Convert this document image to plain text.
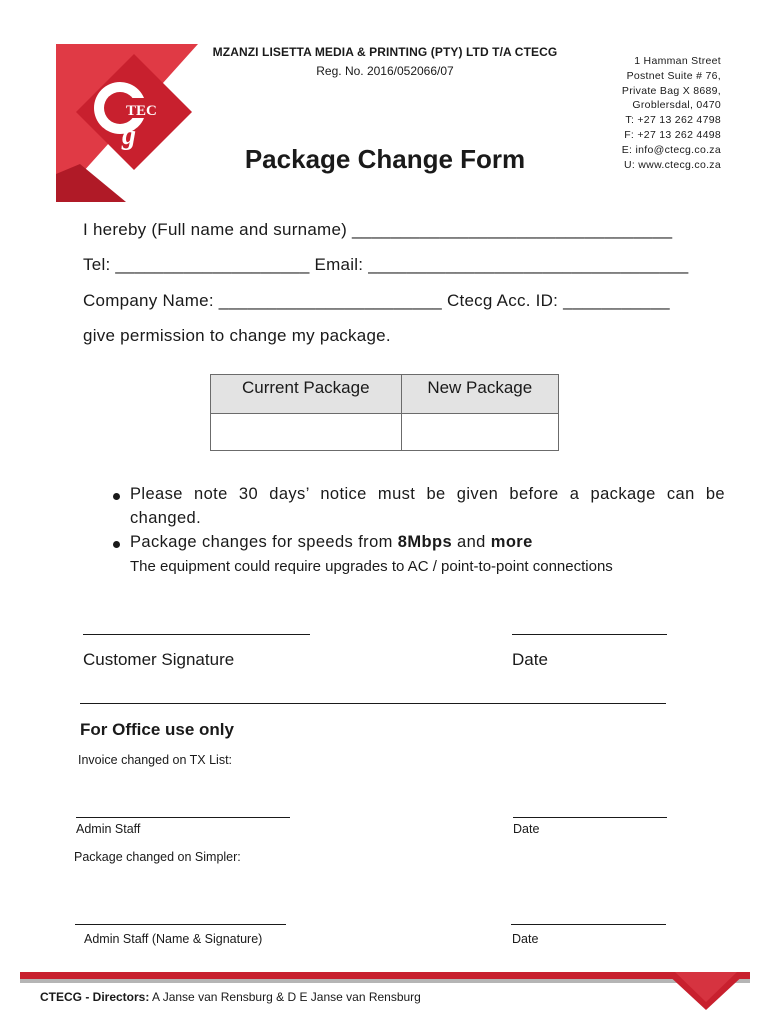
TEC
g
MZANZI LISETTA MEDIA & PRINTING (PTY) LTD T/A CTECG
Reg. No. 2016/052066/07
1 Hamman Street
Postnet Suite # 76,
Private Bag X 8689,
Groblersdal, 0470
T: +27 13 262 4798
F: +27 13 262 4498
E: info@ctecg.co.za
U: www.ctecg.co.za
Package Change Form
I hereby (Full name and surname) _________________________________
Tel: ____________________ Email: _________________________________
Company Name: _______________________ Ctecg Acc. ID: ___________
give permission to change my package.
Current Package	New Package

Please note 30 days’ notice must be given before a package can be
changed.
Package changes for speeds from 8Mbps and more
The equipment could require upgrades to AC / point-to-point connections
Customer Signature	Date
For Office use only
Invoice changed on TX List:
Admin Staff	Date
Package changed on Simpler:
Admin Staff (Name & Signature)	Date
CTECG - Directors: A Janse van Rensburg & D E Janse van Rensburg
